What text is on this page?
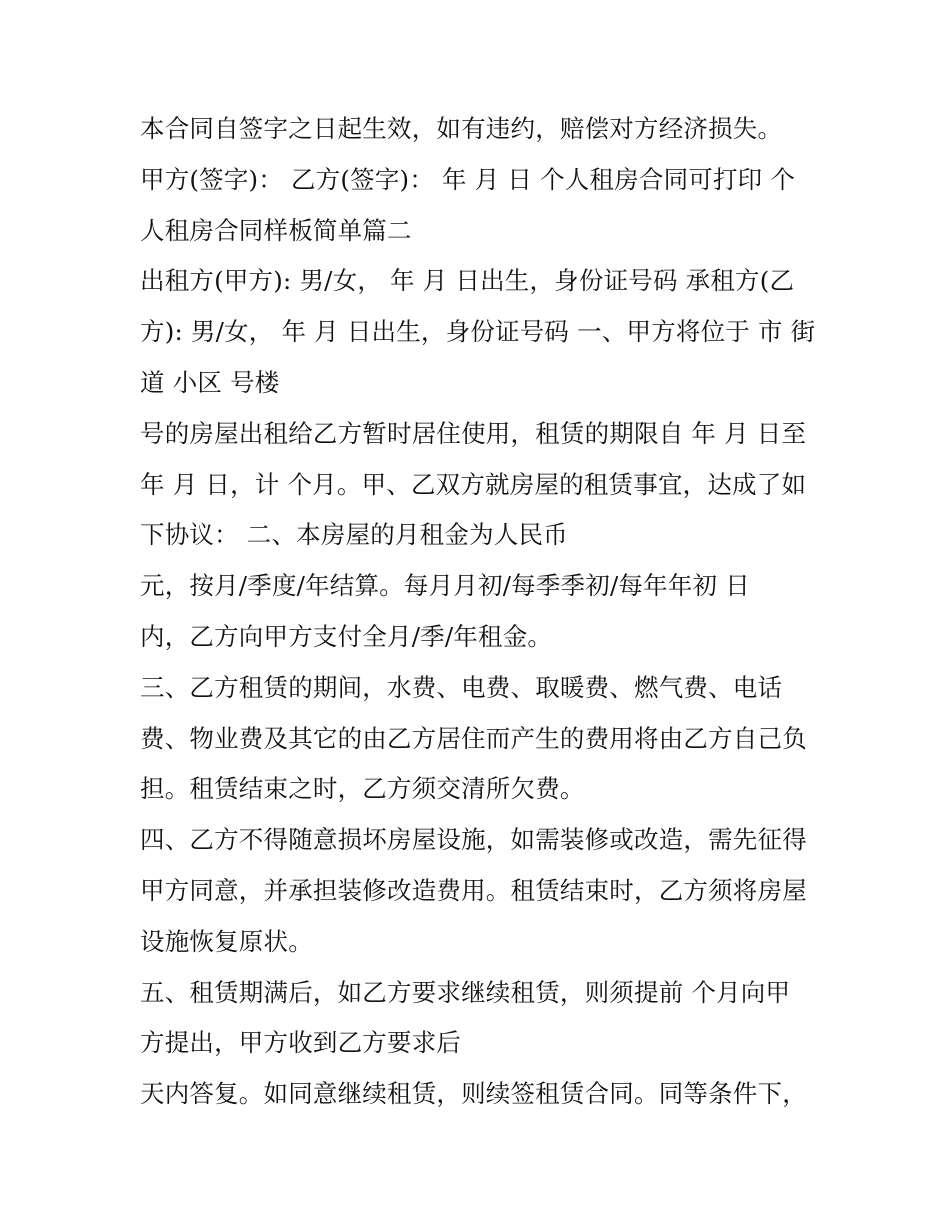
本合同自签字之日起生效，如有违约，赔偿对方经济损失。
甲方(签字)： 乙方(签字)： 年 月 日 个人租房合同可打印 个
人租房合同样板简单篇二
出租方(甲方): 男/女， 年 月 日出生，身份证号码 承租方(乙
方): 男/女， 年 月 日出生，身份证号码 一、甲方将位于 市 街
道 小区 号楼
号的房屋出租给乙方暂时居住使用，租赁的期限自 年 月 日至
年 月 日，计 个月。甲、乙双方就房屋的租赁事宜，达成了如
下协议： 二、本房屋的月租金为人民币
元，按月/季度/年结算。每月月初/每季季初/每年年初 日
内，乙方向甲方支付全月/季/年租金。
三、乙方租赁的期间，水费、电费、取暖费、燃气费、电话
费、物业费及其它的由乙方居住而产生的费用将由乙方自己负
担。租赁结束之时，乙方须交清所欠费。
四、乙方不得随意损坏房屋设施，如需装修或改造，需先征得
甲方同意，并承担装修改造费用。租赁结束时，乙方须将房屋
设施恢复原状。
五、租赁期满后，如乙方要求继续租赁，则须提前 个月向甲
方提出，甲方收到乙方要求后
天内答复。如同意继续租赁，则续签租赁合同。同等条件下，
